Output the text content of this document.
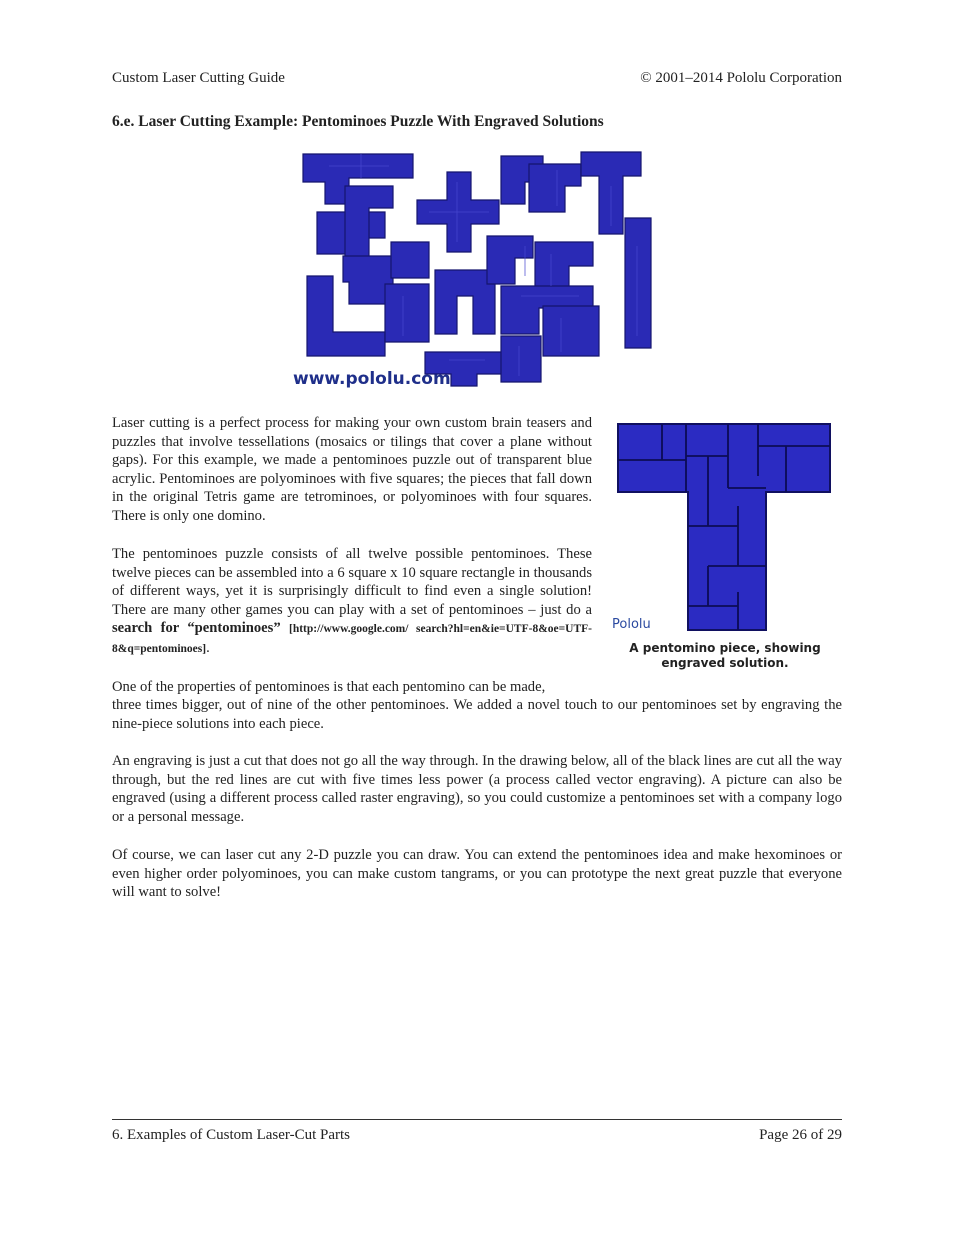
Custom Laser Cutting Guide	© 2001–2014 Pololu Corporation
6.e. Laser Cutting Example: Pentominoes Puzzle With Engraved Solutions
www.pololu.com

Laser cutting is a perfect process for making your own custom brain teasers and puzzles that involve tessellations (mosaics or tilings that cover a plane without gaps). For this example, we made a pentominoes puzzle out of transparent blue acrylic. Pentominoes are polyominoes with five squares; the pieces that fall down in the original Tetris game are tetrominoes, or polyominoes with four squares. There is only one domino.

The pentominoes puzzle consists of all twelve possible pentominoes. These twelve pieces can be assembled into a 6 square x 10 square rectangle in thousands of different ways, yet it is surprisingly difficult to find even a single solution! There are many other games you can play with a set of pentominoes – just do a search for “pentominoes” [http://www.google.com/ search?hl=en&ie=UTF-8&oe=UTF-8&q=pentominoes].

Pololu
A pentomino piece, showing engraved solution.

One of the properties of pentominoes is that each pentomino can be made,

three times bigger, out of nine of the other pentominoes. We added a novel touch to our pentominoes set by engraving the nine-piece solutions into each piece.

An engraving is just a cut that does not go all the way through. In the drawing below, all of the black lines are cut all the way through, but the red lines are cut with five times less power (a process called vector engraving). A picture can also be engraved (using a different process called raster engraving), so you could customize a pentominoes set with a company logo or a personal message.

Of course, we can laser cut any 2-D puzzle you can draw. You can extend the pentominoes idea and make hexominoes or even higher order polyominoes, you can make custom tangrams, or you can prototype the next great puzzle that everyone will want to solve!

6. Examples of Custom Laser-Cut Parts	Page 26 of 29
